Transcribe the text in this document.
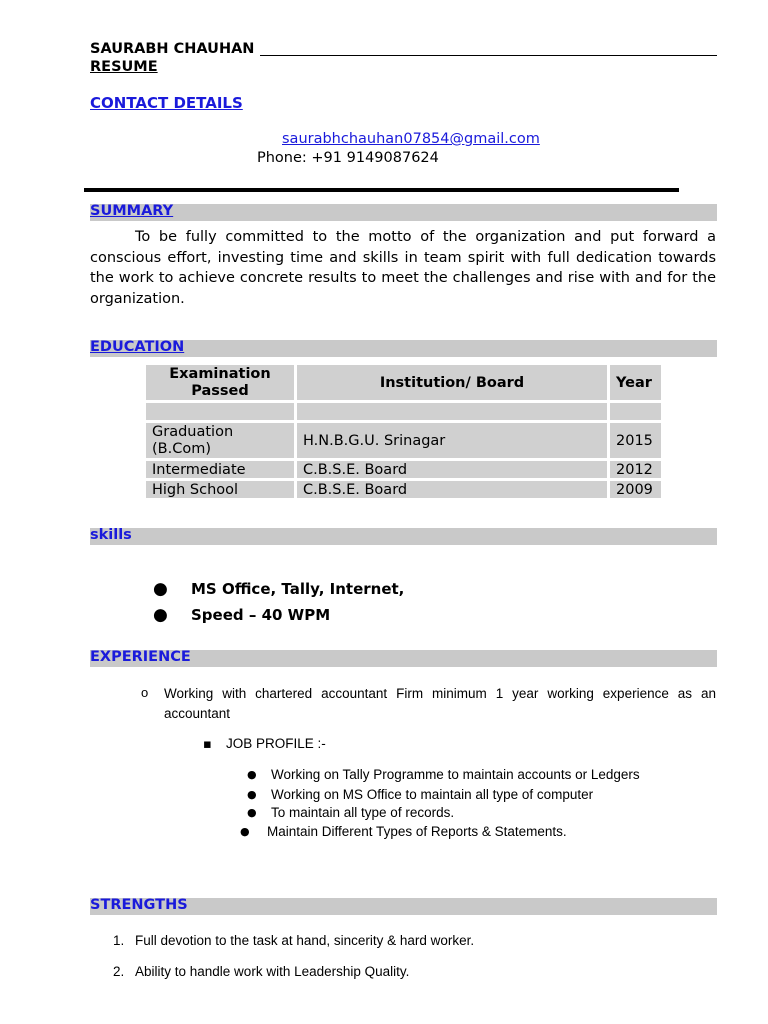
SAURABH CHAUHAN
RESUME
CONTACT DETAILS
saurabhchauhan07854@gmail.com
Phone: +91 9149087624
SUMMARY
To be fully committed to the motto of the organization and put forward a conscious effort, investing time and skills in team spirit with full dedication towards the work to achieve concrete results to meet the challenges and rise with and for the organization.
EDUCATION
Examination Passed	Institution/ Board	Year

Graduation (B.Com)	H.N.B.G.U. Srinagar	2015
Intermediate	C.B.S.E. Board	2012
High School	C.B.S.E. Board	2009
skills
● MS Office, Tally, Internet,
● Speed – 40 WPM
EXPERIENCE
o Working with chartered accountant Firm minimum 1 year working experience as an accountant
▪ JOB PROFILE :-
● Working on Tally Programme to maintain accounts or Ledgers
● Working on MS Office to maintain all type of computer
● To maintain all type of records.
● Maintain Different Types of Reports & Statements.
STRENGTHS
1. Full devotion to the task at hand, sincerity & hard worker.
2. Ability to handle work with Leadership Quality.
